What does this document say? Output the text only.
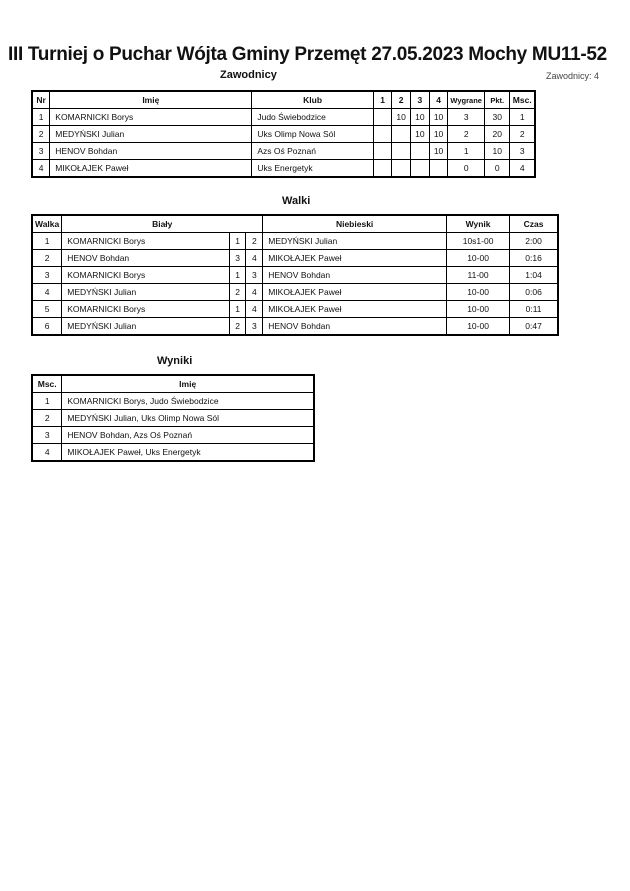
III Turniej o Puchar Wójta Gminy Przemęt 27.05.2023 Mochy MU11-52
Zawodnicy	Zawodnicy: 4
Nr	Imię	Klub	1	2	3	4	Wygrane	Pkt.	Msc.
1	KOMARNICKI Borys	Judo Świebodzice		10	10	10	3	30	1
2	MEDYŃSKI Julian	Uks Olimp Nowa Sól			10	10	2	20	2
3	HENOV Bohdan	Azs Oś Poznań				10	1	10	3
4	MIKOŁAJEK Paweł	Uks Energetyk					0	0	4
Walki
Walka	Biały			Niebieski	Wynik	Czas
1	KOMARNICKI Borys	1	2	MEDYŃSKI Julian	10s1-00	2:00
2	HENOV Bohdan	3	4	MIKOŁAJEK Paweł	10-00	0:16
3	KOMARNICKI Borys	1	3	HENOV Bohdan	11-00	1:04
4	MEDYŃSKI Julian	2	4	MIKOŁAJEK Paweł	10-00	0:06
5	KOMARNICKI Borys	1	4	MIKOŁAJEK Paweł	10-00	0:11
6	MEDYŃSKI Julian	2	3	HENOV Bohdan	10-00	0:47
Wyniki
Msc.	Imię
1	KOMARNICKI Borys, Judo Świebodzice
2	MEDYŃSKI Julian, Uks Olimp Nowa Sól
3	HENOV Bohdan, Azs Oś Poznań
4	MIKOŁAJEK Paweł, Uks Energetyk
